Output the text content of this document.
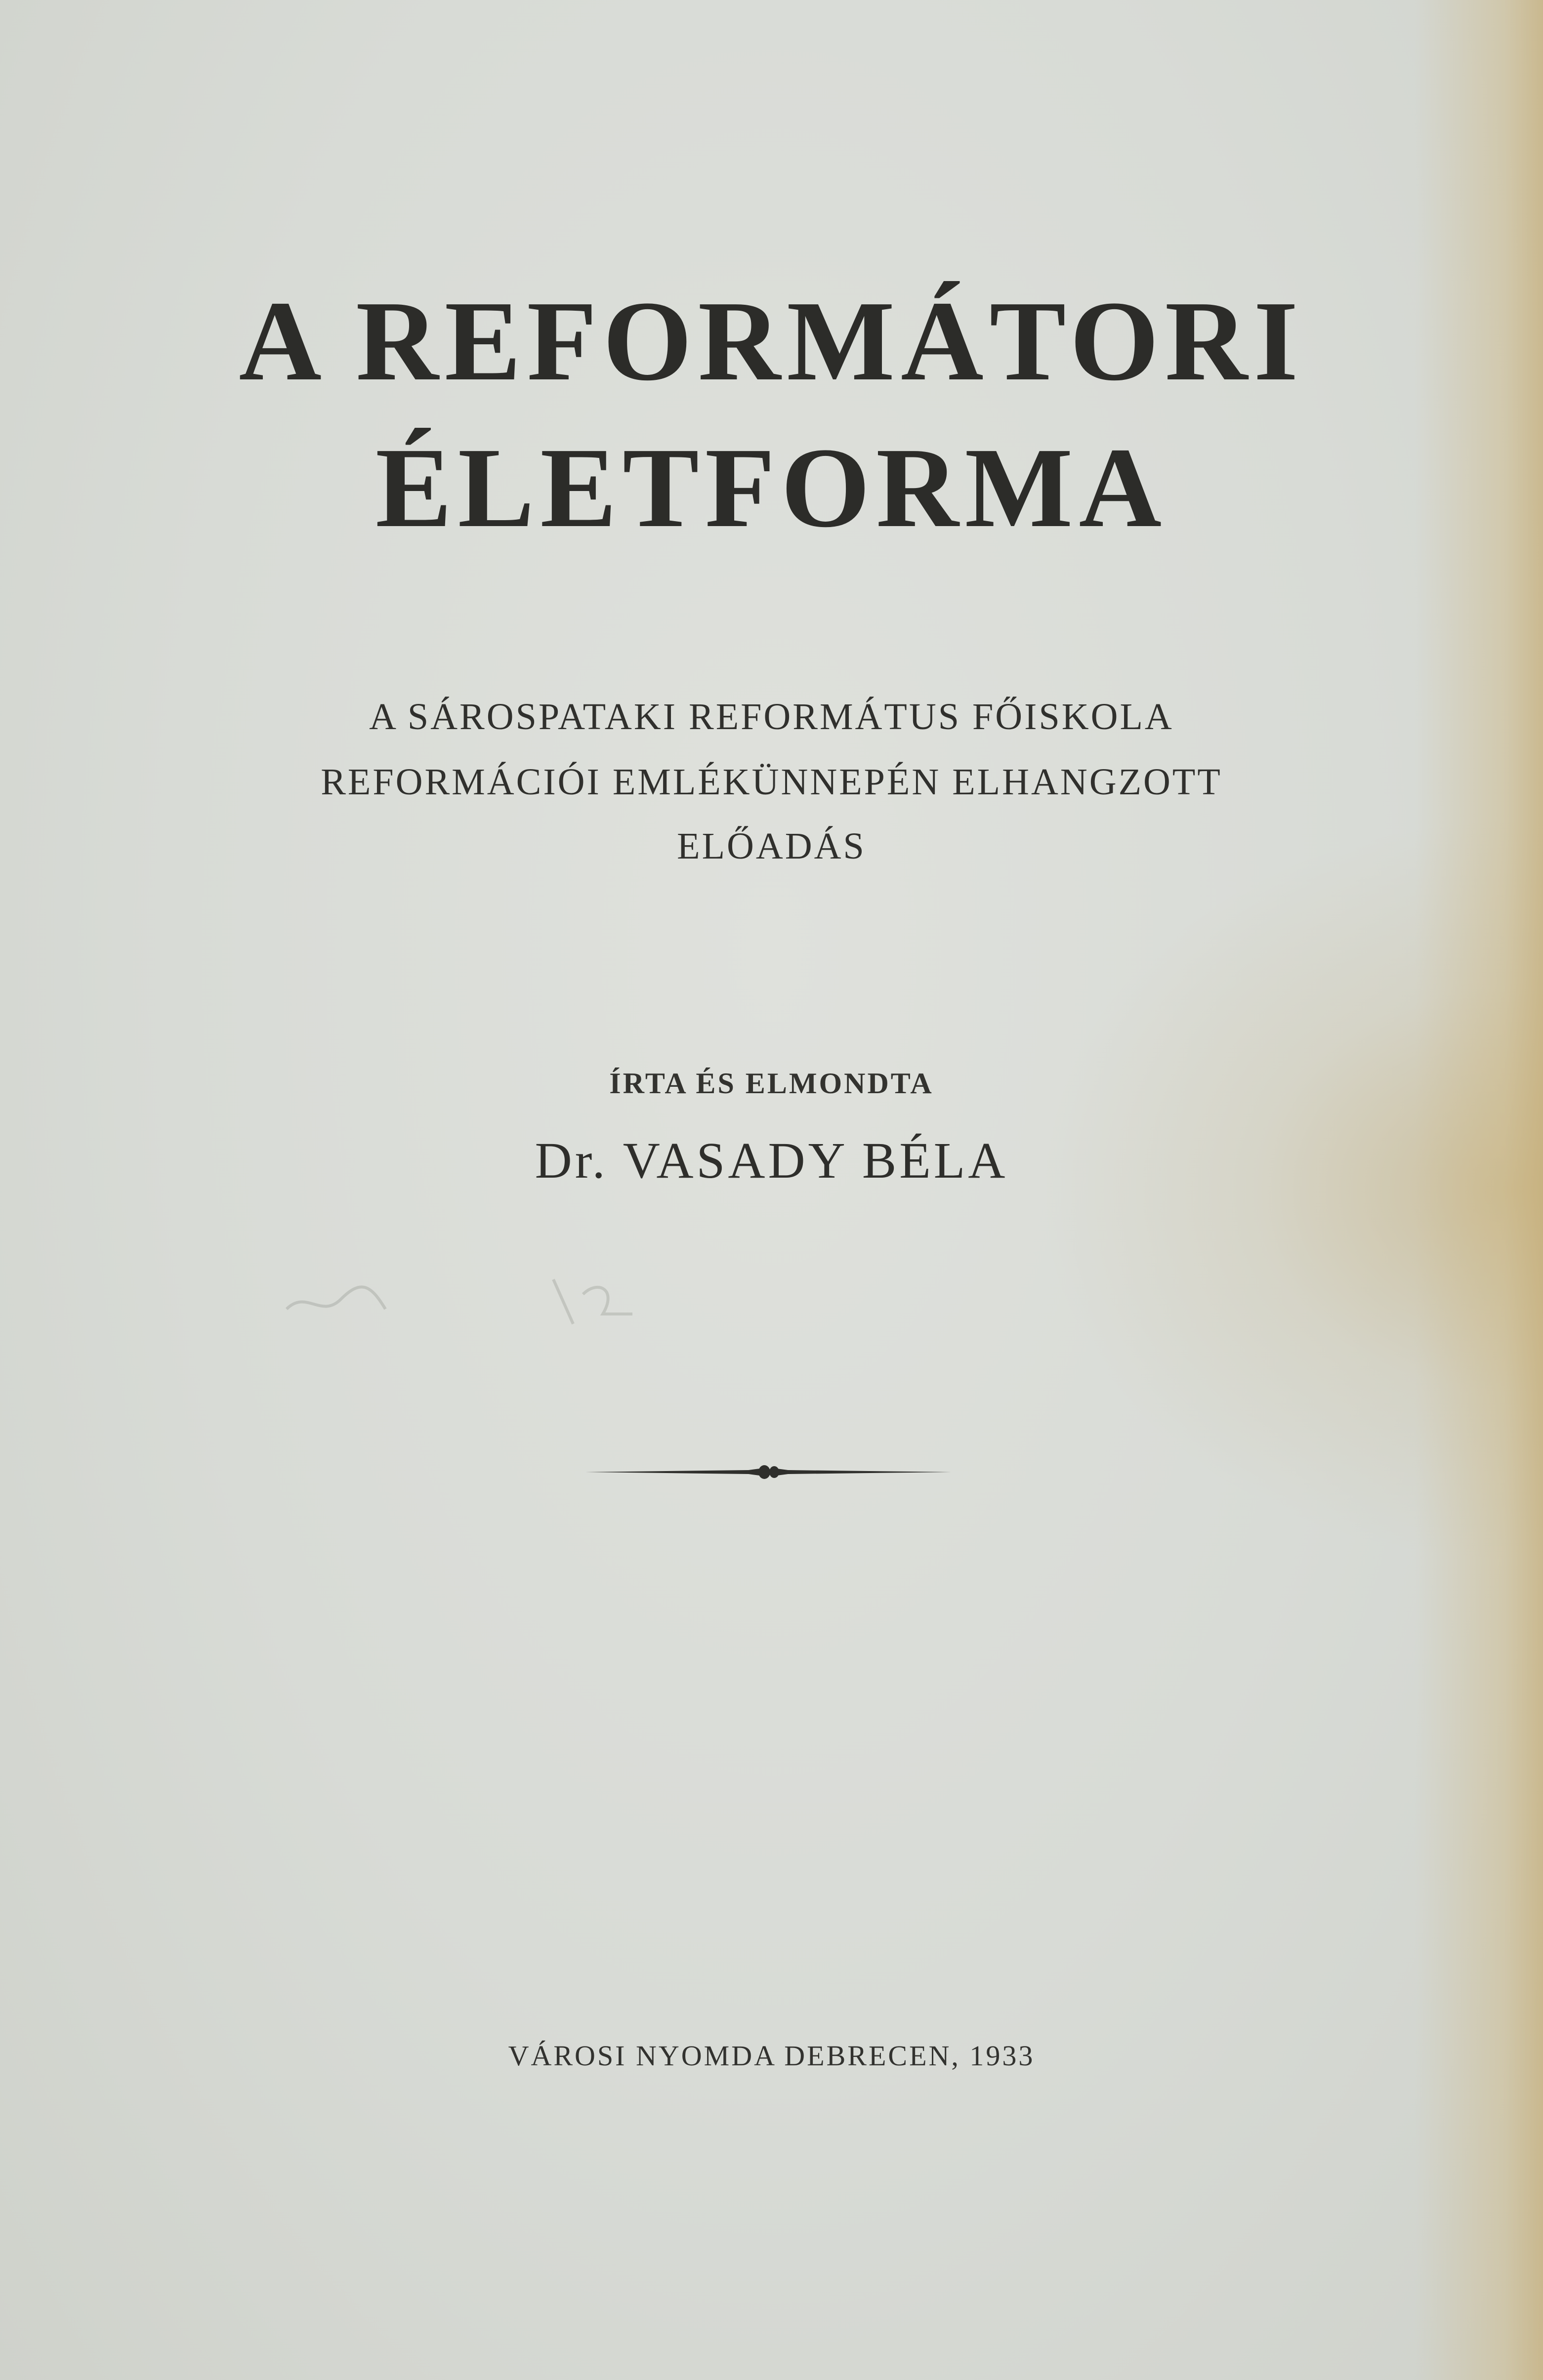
A REFORMÁTORI
ÉLETFORMA

A SÁROSPATAKI REFORMÁTUS FŐISKOLA

REFORMÁCIÓI EMLÉKÜNNEPÉN ELHANGZOTT

ELŐADÁS

ÍRTA ÉS ELMONDTA

Dr. VASADY BÉLA

VÁROSI NYOMDA DEBRECEN, 1933
